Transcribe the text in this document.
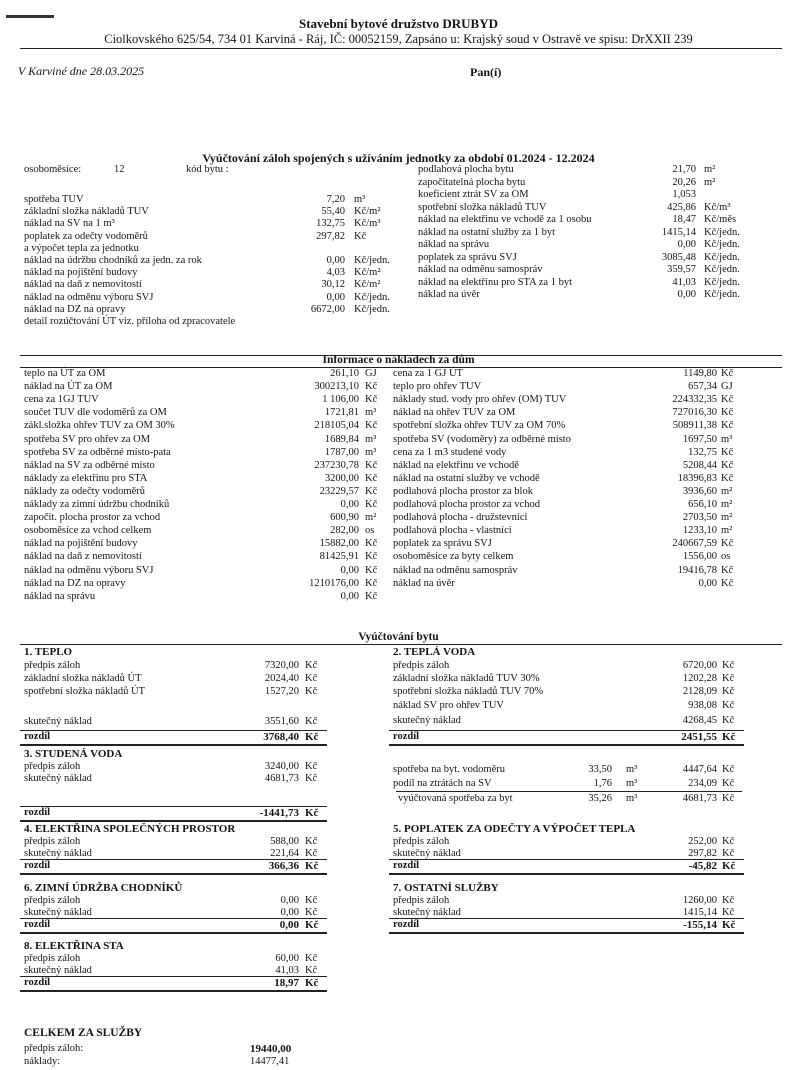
Stavební bytové družstvo DRUBYD
Ciolkovského 625/54, 734 01 Karviná - Ráj, IČ: 00052159, Zapsáno u: Krajský soud v Ostravě ve spisu: DrXXII 239
V Karviné dne 28.03.2025	Pan(í)
Vyúčtování záloh spojených s užíváním jednotky za období 01.2024 - 12.2024
osoboměsíce:	12	kód bytu :
spotřeba TUV	7,20 m³
základní složka nákladů TUV	55,40 Kč/m²
náklad na SV na 1 m³	132,75 Kč/m³
poplatek za odečty vodoměrů	297,82 Kč
a výpočet tepla za jednotku
náklad na údržbu chodníků za jedn. za rok	0,00 Kč/jedn.
náklad na pojištění budovy	4,03 Kč/m²
náklad na daň z nemovitostí	30,12 Kč/m²
náklad na odměnu výboru SVJ	0,00 Kč/jedn.
náklad na DZ na opravy	6672,00 Kč/jedn.
detail rozúčtování ÚT viz. příloha od zpracovatele
podlahová plocha bytu	21,70 m²
započitatelná plocha bytu	20,26 m²
koeficient ztrát SV za OM	1,053
spotřební složka nákladů TUV	425,86 Kč/m³
náklad na elektřinu ve vchodě za 1 osobu	18,47 Kč/měs
náklad na ostatní služby za 1 byt	1415,14 Kč/jedn.
náklad na správu	0,00 Kč/jedn.
poplatek za správu SVJ	3085,48 Kč/jedn.
náklad na odměnu samospráv	359,57 Kč/jedn.
náklad na elektřinu pro STA za 1 byt	41,03 Kč/jedn.
náklad na úvěr	0,00 Kč/jedn.
Informace o nákladech za dům
teplo na ÚT za OM	261,10 GJ
náklad na ÚT za OM	300213,10 Kč
cena za 1GJ TUV	1 106,00 Kč
součet TUV dle vodoměrů za OM	1721,81 m³
zákl.složka ohřev TUV za OM 30%	218105,04 Kč
spotřeba SV pro ohřev za OM	1689,84 m³
spotřeba SV za odběrné místo-pata	1787,00 m³
náklad na SV za odběrné místo	237230,78 Kč
náklady za elektřinu pro STA	3200,00 Kč
náklady za odečty vodoměrů	23229,57 Kč
náklady za zimní údržbu chodníků	0,00 Kč
započit. plocha prostor za vchod	600,90 m²
osoboměsíce za vchod celkem	282,00 os
náklad na pojištění budovy	15882,00 Kč
náklad na daň z nemovitostí	81425,91 Kč
náklad na odměnu výboru SVJ	0,00 Kč
náklad na DZ na opravy	1210176,00 Kč
náklad na správu	0,00 Kč
cena za 1 GJ ÚT	1149,80 Kč
teplo pro ohřev TUV	657,34 GJ
náklady stud. vody pro ohřev (OM) TUV	224332,35 Kč
náklad na ohřev TUV za OM	727016,30 Kč
spotřební složka ohřev TUV za OM 70%	508911,38 Kč
spotřeba SV (vodoměry) za odběrné místo	1697,50 m³
cena za 1 m3 studené vody	132,75 Kč
náklad na elektřinu ve vchodě	5208,44 Kč
náklad na ostatní služby ve vchodě	18396,83 Kč
podlahová plocha prostor za blok	3936,60 m²
podlahová plocha prostor za vchod	656,10 m²
podlahová plocha - družstevníci	2703,50 m²
podlahová plocha - vlastníci	1233,10 m²
poplatek za správu SVJ	240667,59 Kč
osoboměsíce za byty celkem	1556,00 os
náklad na odměnu samospráv	19416,78 Kč
náklad na úvěr	0,00 Kč
Vyúčtování bytu
1. TEPLO
předpis záloh	7320,00 Kč
základní složka nákladů ÚT	2024,40 Kč
spotřební složka nákladů ÚT	1527,20 Kč
skutečný náklad	3551,60 Kč
rozdíl	3768,40 Kč
2. TEPLÁ VODA
předpis záloh	6720,00 Kč
základní složka nákladů TUV 30%	1202,28 Kč
spotřební složka nákladů TUV 70%	2128,09 Kč
náklad SV pro ohřev TUV	938,08 Kč
skutečný náklad	4268,45 Kč
rozdíl	2451,55 Kč
3. STUDENÁ VODA
předpis záloh	3240,00 Kč
skutečný náklad	4681,73 Kč
rozdíl	-1441,73 Kč
4. ELEKTŘINA SPOLEČNÝCH PROSTOR
předpis záloh	588,00 Kč
skutečný náklad	221,64 Kč
rozdíl	366,36 Kč
5. POPLATEK ZA ODEČTY A VÝPOČET TEPLA
předpis záloh	252,00 Kč
skutečný náklad	297,82 Kč
rozdíl	-45,82 Kč
6. ZIMNÍ ÚDRŽBA CHODNÍKŮ
předpis záloh	0,00 Kč
skutečný náklad	0,00 Kč
rozdíl	0,00 Kč
7. OSTATNÍ SLUŽBY
předpis záloh	1260,00 Kč
skutečný náklad	1415,14 Kč
rozdíl	-155,14 Kč
8. ELEKTŘINA STA
předpis záloh	60,00 Kč
skutečný náklad	41,03 Kč
rozdíl	18,97 Kč
spotřeba na byt. vodoměru	33,50 m³	4447,64 Kč
podíl na ztrátách na SV	1,76 m³	234,09 Kč
vyúčtovaná spotřeba za byt	35,26 m³	4681,73 Kč
CELKEM ZA SLUŽBY
předpis záloh:	19440,00
náklady:	14477,41
